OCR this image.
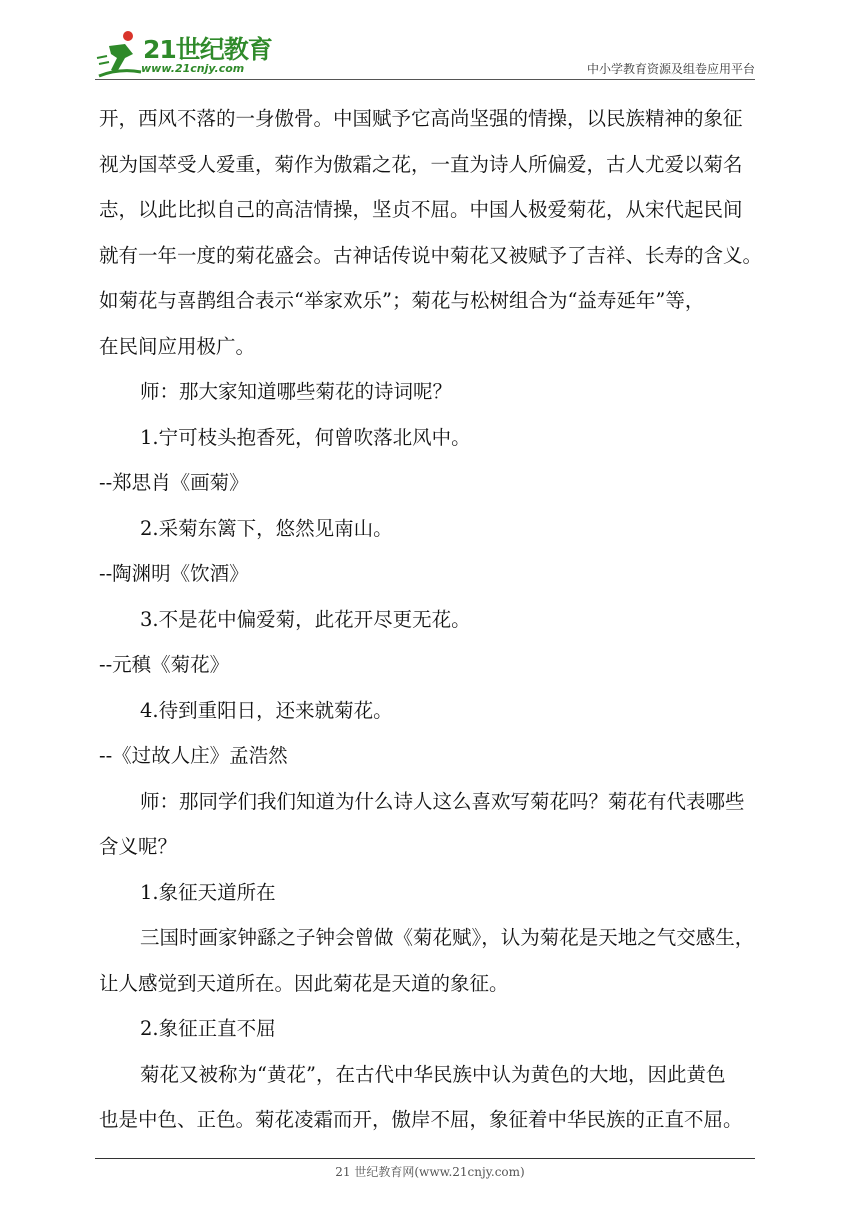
21世纪教育
www.21cnjy.com	中小学教育资源及组卷应用平台

开，西风不落的一身傲骨。中国赋予它高尚坚强的情操，以民族精神的象征

视为国萃受人爱重，菊作为傲霜之花，一直为诗人所偏爱，古人尤爱以菊名

志，以此比拟自己的高洁情操，坚贞不屈。中国人极爱菊花，从宋代起民间

就有一年一度的菊花盛会。古神话传说中菊花又被赋予了吉祥、长寿的含义。

如菊花与喜鹊组合表示“举家欢乐”；菊花与松树组合为“益寿延年”等，

在民间应用极广。

师：那大家知道哪些菊花的诗词呢？

1.宁可枝头抱香死，何曾吹落北风中。

--郑思肖《画菊》

2.采菊东篱下，悠然见南山。

--陶渊明《饮酒》

3.不是花中偏爱菊，此花开尽更无花。

--元稹《菊花》

4.待到重阳日，还来就菊花。

--《过故人庄》孟浩然

师：那同学们我们知道为什么诗人这么喜欢写菊花吗？菊花有代表哪些

含义呢？

1.象征天道所在

三国时画家钟繇之子钟会曾做《菊花赋》，认为菊花是天地之气交感生，

让人感觉到天道所在。因此菊花是天道的象征。

2.象征正直不屈

菊花又被称为“黄花”，在古代中华民族中认为黄色的大地，因此黄色

也是中色、正色。菊花凌霜而开，傲岸不屈，象征着中华民族的正直不屈。

21 世纪教育网(www.21cnjy.com)
